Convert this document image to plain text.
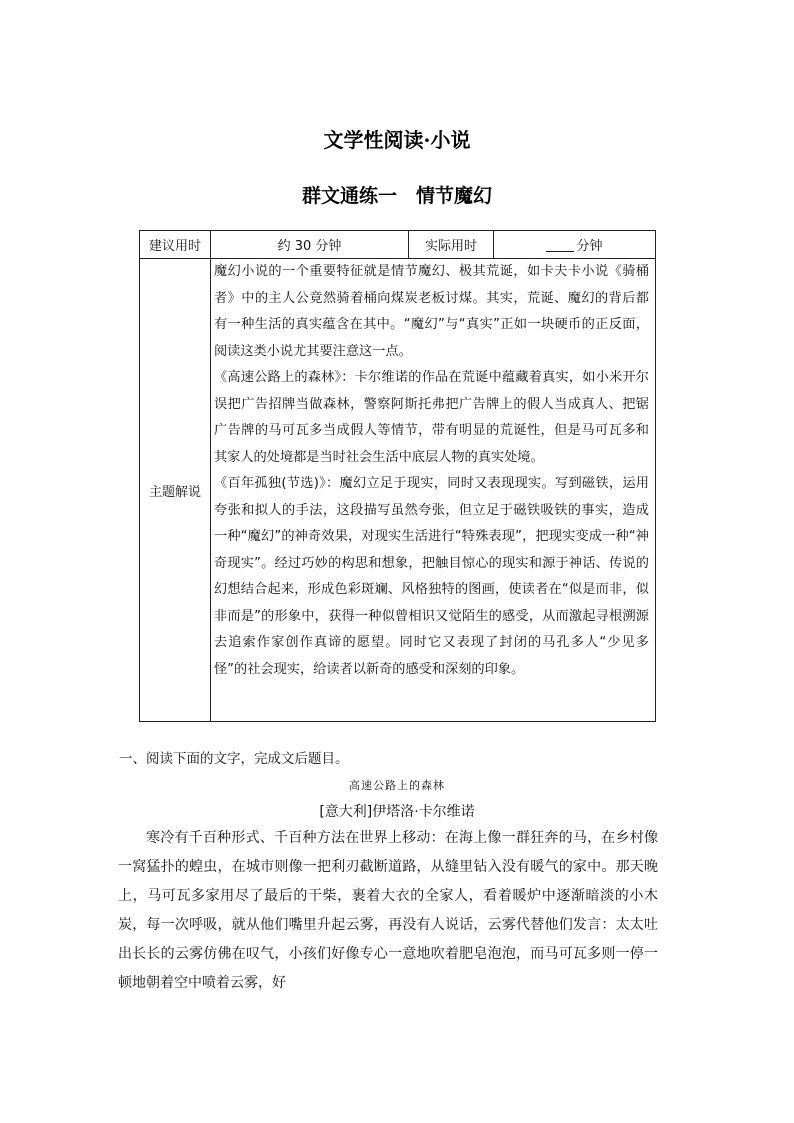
文学性阅读·小说
群文通练一　情节魔幻
建议用时	约 30 分钟	实际用时	分钟
主题解说	魔幻小说的一个重要特征就是情节魔幻、极其荒诞，如卡夫卡小说《骑桶者》中的主人公竟然骑着桶向煤炭老板讨煤。其实，荒诞、魔幻的背后都有一种生活的真实蕴含在其中。“魔幻”与“真实”正如一块硬币的正反面，阅读这类小说尤其要注意这一点。

《高速公路上的森林》：卡尔维诺的作品在荒诞中蕴藏着真实，如小米开尔误把广告招牌当做森林，警察阿斯托弗把广告牌上的假人当成真人、把锯广告牌的马可瓦多当成假人等情节，带有明显的荒诞性，但是马可瓦多和其家人的处境都是当时社会生活中底层人物的真实处境。

《百年孤独(节选)》：魔幻立足于现实，同时又表现现实。写到磁铁，运用夸张和拟人的手法，这段描写虽然夸张，但立足于磁铁吸铁的事实，造成一种“魔幻”的神奇效果，对现实生活进行“特殊表现”，把现实变成一种“神奇现实”。经过巧妙的构思和想象，把触目惊心的现实和源于神话、传说的幻想结合起来，形成色彩斑斓、风格独特的图画，使读者在“似是而非，似非而是”的形象中，获得一种似曾相识又觉陌生的感受，从而激起寻根溯源去追索作家创作真谛的愿望。同时它又表现了封闭的马孔多人“少见多怪”的社会现实，给读者以新奇的感受和深刻的印象。		

一、阅读下面的文字，完成文后题目。
高速公路上的森林
[意大利]伊塔洛·卡尔维诺

寒冷有千百种形式、千百种方法在世界上移动：在海上像一群狂奔的马，在乡村像一窝猛扑的蝗虫，在城市则像一把利刃截断道路，从缝里钻入没有暖气的家中。那天晚上，马可瓦多家用尽了最后的干柴，裹着大衣的全家人，看着暖炉中逐渐暗淡的小木炭，每一次呼吸，就从他们嘴里升起云雾，再没有人说话，云雾代替他们发言：太太吐出长长的云雾仿佛在叹气，小孩们好像专心一意地吹着肥皂泡泡，而马可瓦多则一停一顿地朝着空中喷着云雾，好
